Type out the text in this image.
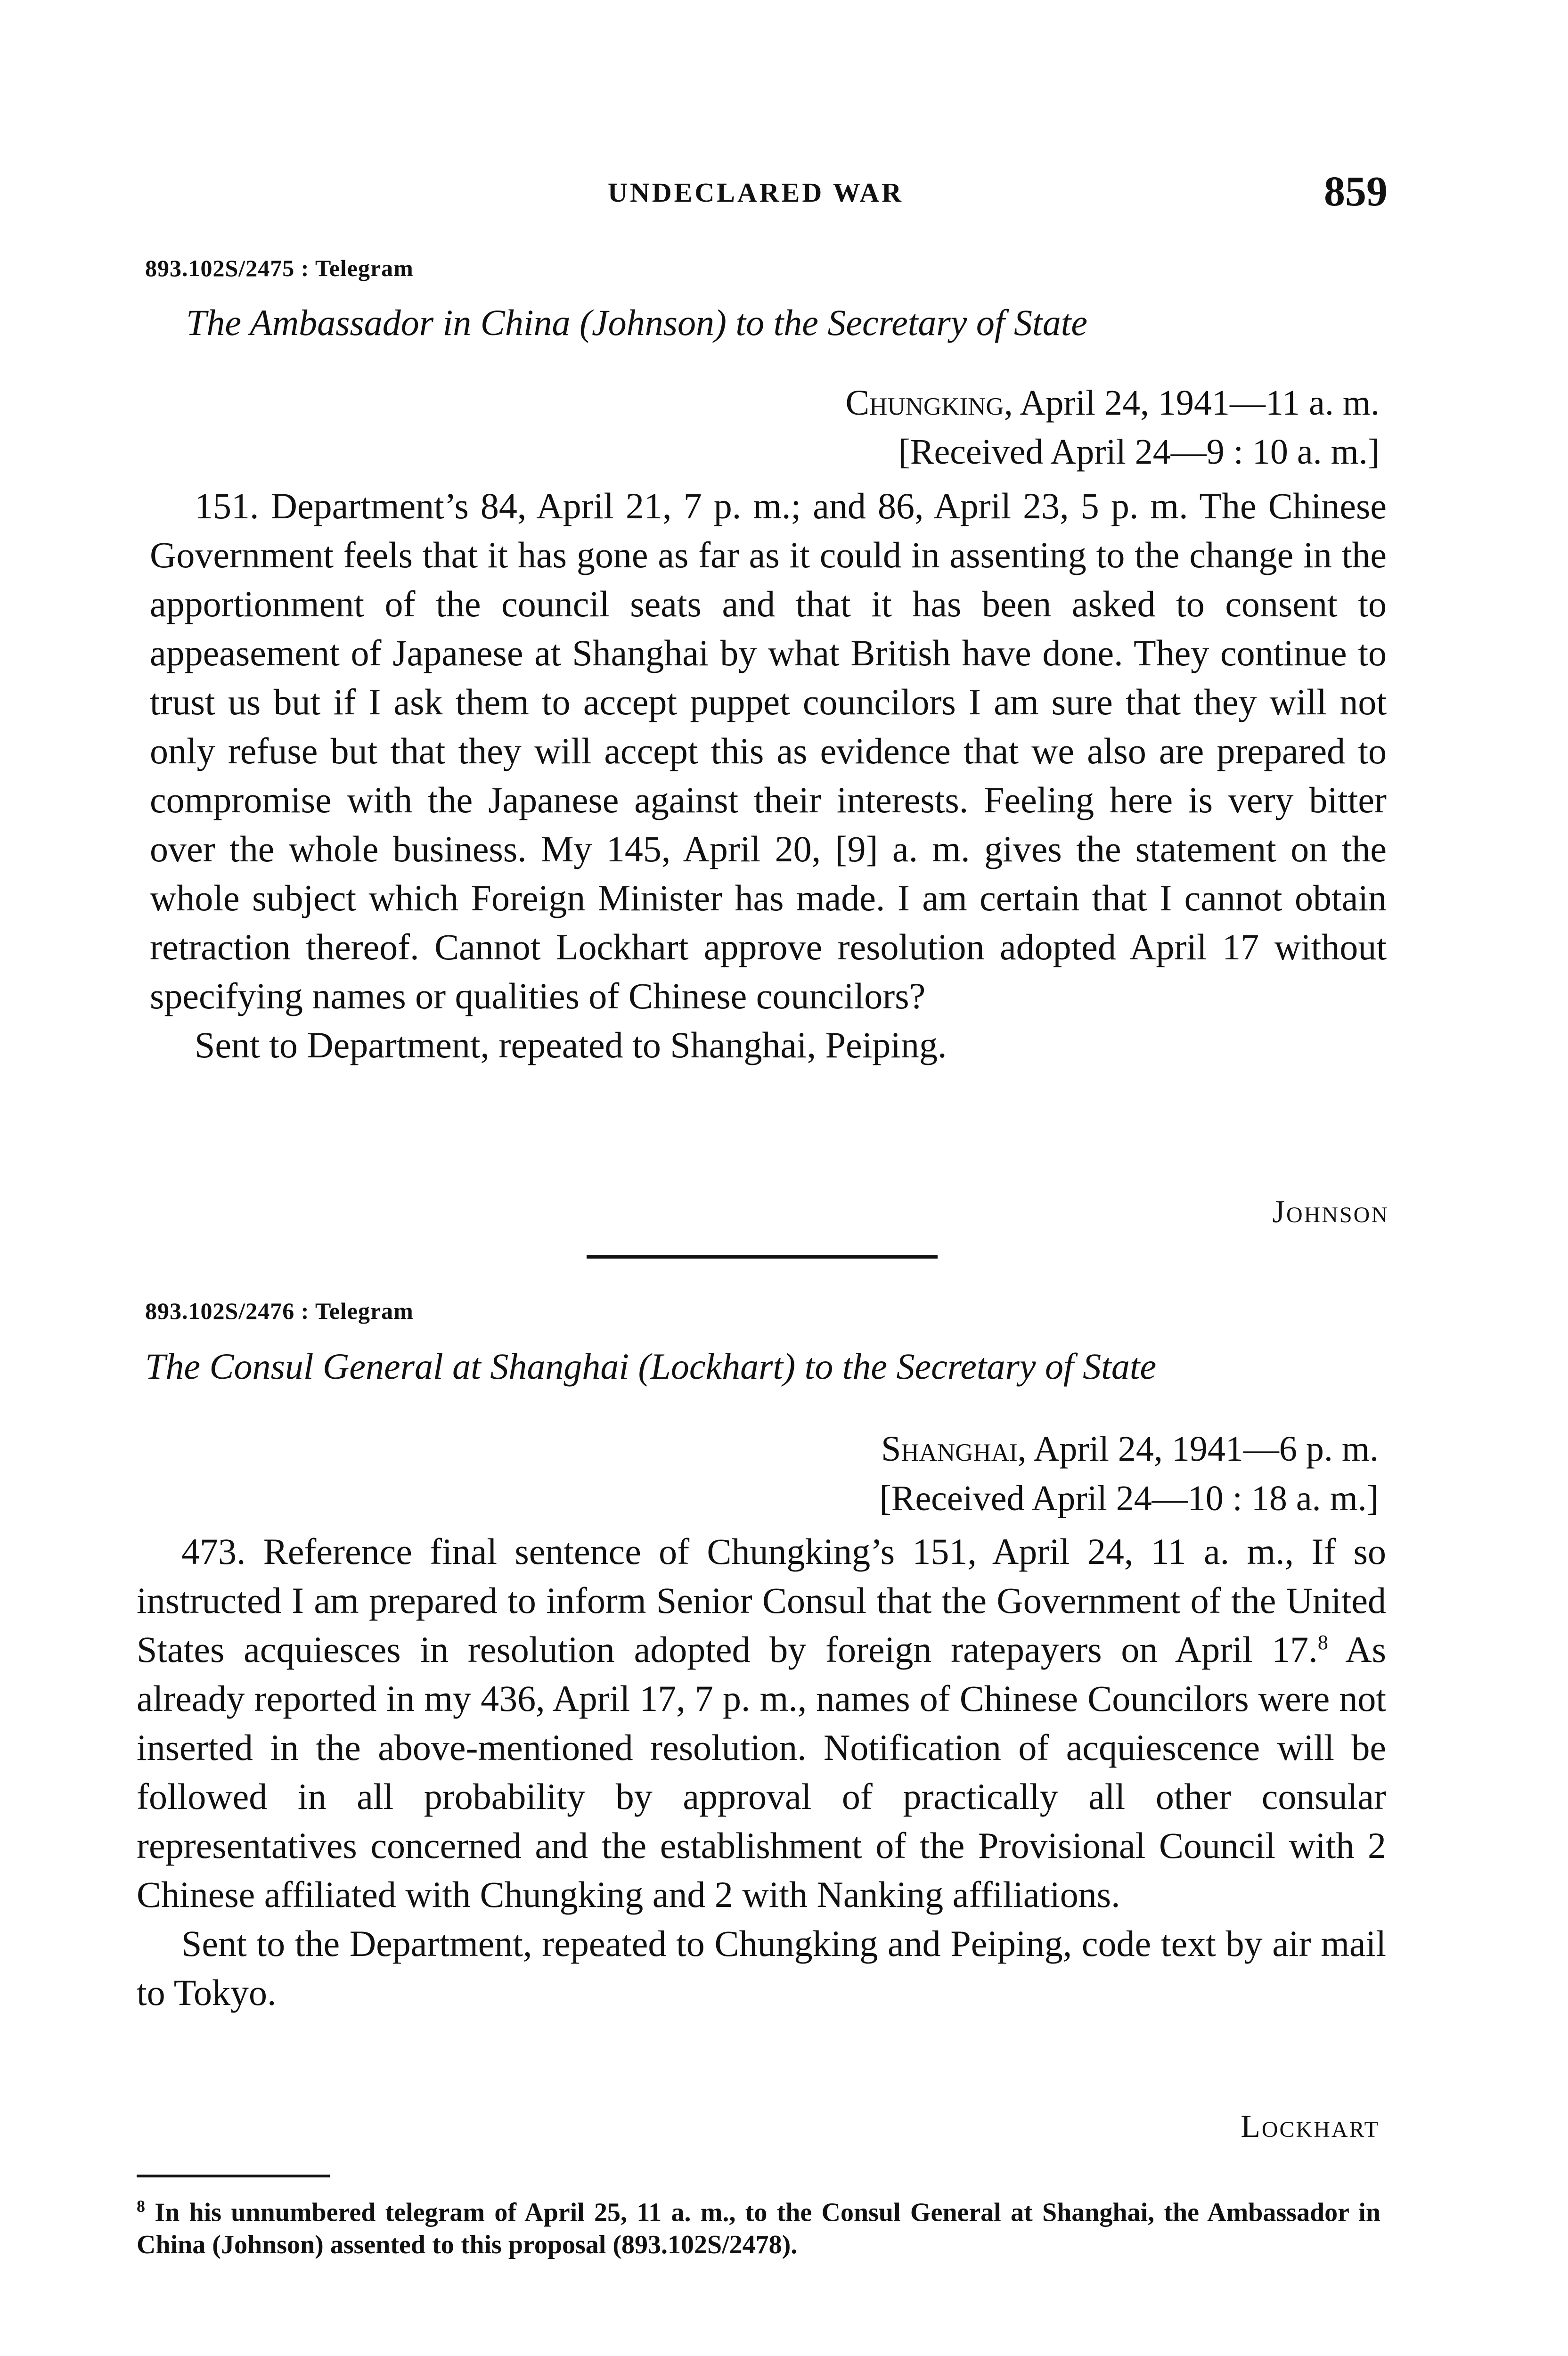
UNDECLARED WAR	859
893.102S/2475 : Telegram
The Ambassador in China (Johnson) to the Secretary of State
Chungking, April 24, 1941—11 a. m.
[Received April 24—9 : 10 a. m.]

151. Department’s 84, April 21, 7 p. m.; and 86, April 23, 5 p. m. The Chinese Government feels that it has gone as far as it could in assenting to the change in the apportionment of the council seats and that it has been asked to consent to appeasement of Japanese at Shanghai by what British have done. They continue to trust us but if I ask them to accept puppet councilors I am sure that they will not only refuse but that they will accept this as evidence that we also are prepared to compromise with the Japanese against their interests. Feeling here is very bitter over the whole business. My 145, April 20, [9] a. m. gives the statement on the whole subject which Foreign Minister has made. I am certain that I cannot obtain retraction thereof. Cannot Lockhart approve resolution adopted April 17 without specifying names or qualities of Chinese councilors?

Sent to Department, repeated to Shanghai, Peiping.

Johnson
893.102S/2476 : Telegram
The Consul General at Shanghai (Lockhart) to the Secretary of State
Shanghai, April 24, 1941—6 p. m.
[Received April 24—10 : 18 a. m.]

473. Reference final sentence of Chungking’s 151, April 24, 11 a. m., If so instructed I am prepared to inform Senior Consul that the Government of the United States acquiesces in resolution adopted by foreign ratepayers on April 17.$^8$ As already reported in my 436, April 17, 7 p. m., names of Chinese Councilors were not inserted in the above-mentioned resolution. Notification of acquiescence will be followed in all probability by approval of practically all other consular representatives concerned and the establishment of the Provisional Council with 2 Chinese affiliated with Chungking and 2 with Nanking affiliations.

Sent to the Department, repeated to Chungking and Peiping, code text by air mail to Tokyo.

Lockhart
$^8$ In his unnumbered telegram of April 25, 11 a. m., to the Consul General at Shanghai, the Ambassador in China (Johnson) assented to this proposal (893.102S/2478).
